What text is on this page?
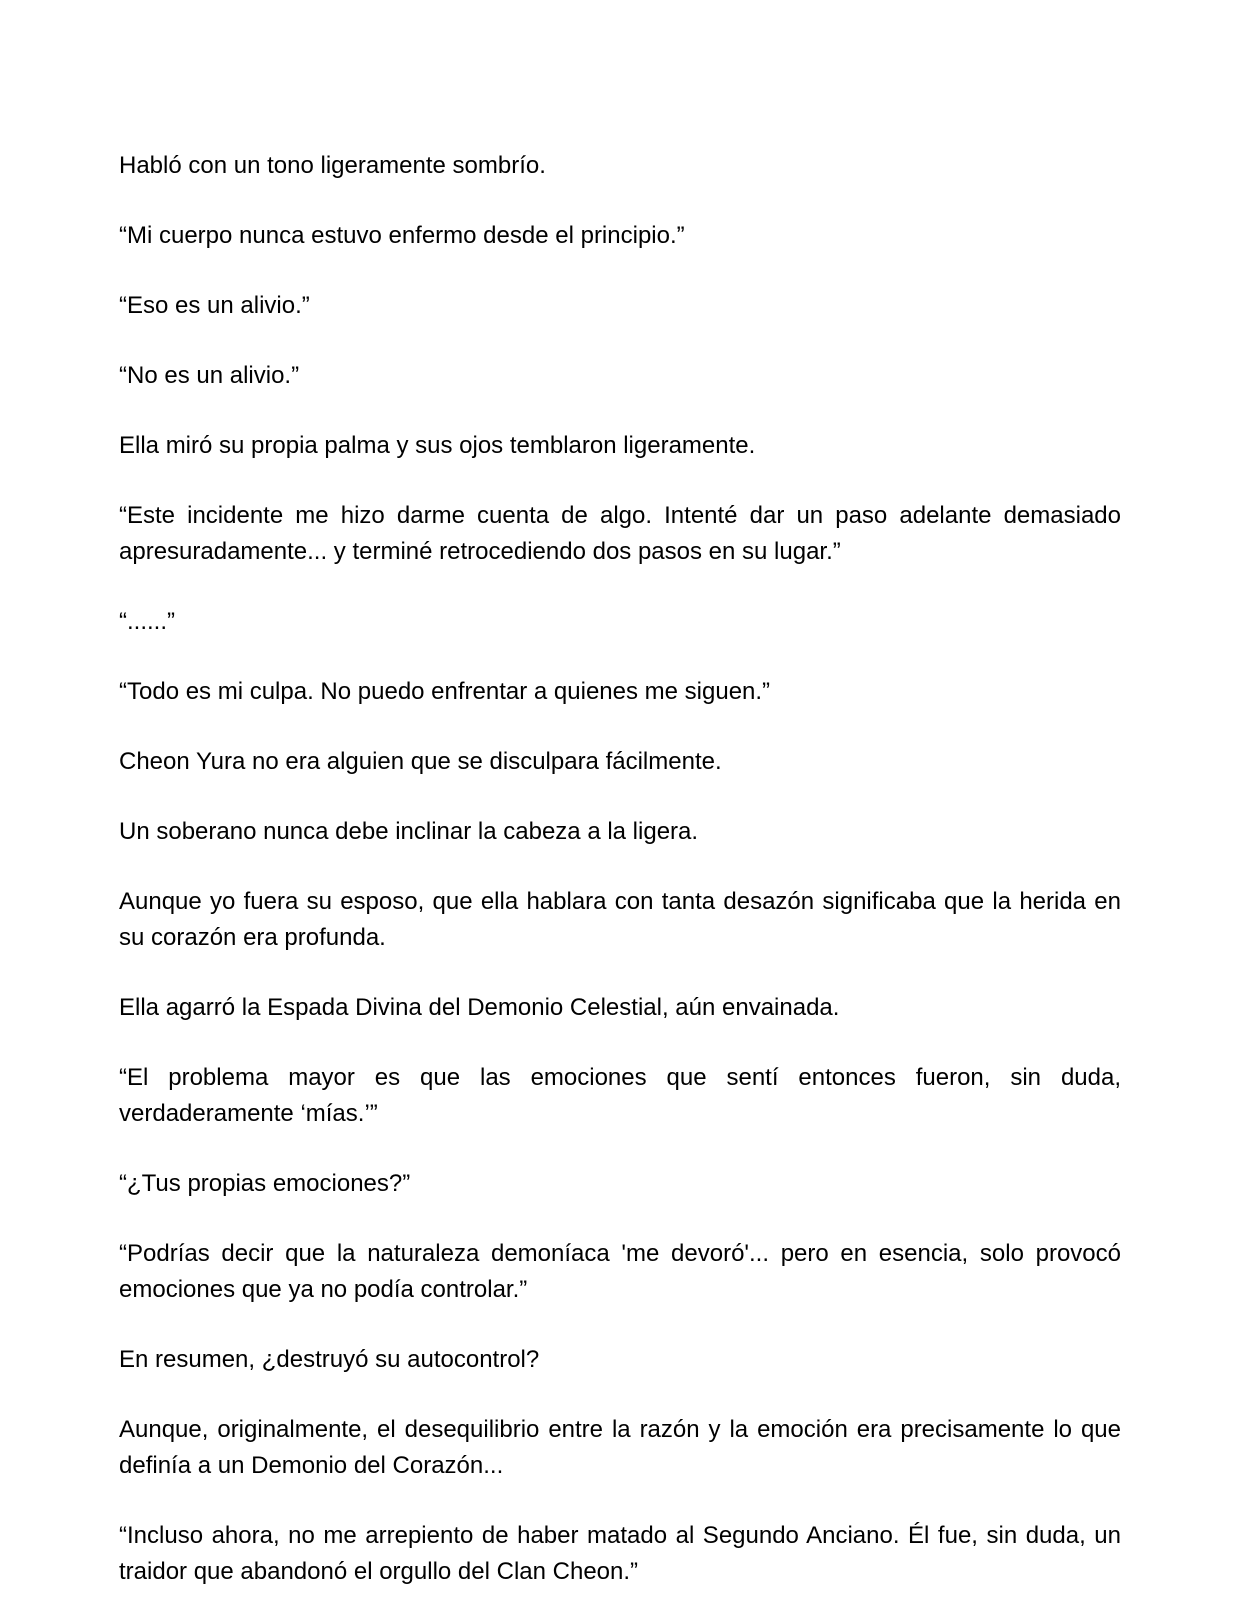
Habló con un tono ligeramente sombrío.

“Mi cuerpo nunca estuvo enfermo desde el principio.”

“Eso es un alivio.”

“No es un alivio.”

Ella miró su propia palma y sus ojos temblaron ligeramente.

“Este incidente me hizo darme cuenta de algo. Intenté dar un paso adelante demasiado apresuradamente... y terminé retrocediendo dos pasos en su lugar.”

“......”

“Todo es mi culpa. No puedo enfrentar a quienes me siguen.”

Cheon Yura no era alguien que se disculpara fácilmente.

Un soberano nunca debe inclinar la cabeza a la ligera.

Aunque yo fuera su esposo, que ella hablara con tanta desazón significaba que la herida en su corazón era profunda.

Ella agarró la Espada Divina del Demonio Celestial, aún envainada.

“El problema mayor es que las emociones que sentí entonces fueron, sin duda, verdaderamente ‘mías.’”

“¿Tus propias emociones?”

“Podrías decir que la naturaleza demoníaca 'me devoró'... pero en esencia, solo provocó emociones que ya no podía controlar.”

En resumen, ¿destruyó su autocontrol?

Aunque, originalmente, el desequilibrio entre la razón y la emoción era precisamente lo que definía a un Demonio del Corazón...

“Incluso ahora, no me arrepiento de haber matado al Segundo Anciano. Él fue, sin duda, un traidor que abandonó el orgullo del Clan Cheon.”
